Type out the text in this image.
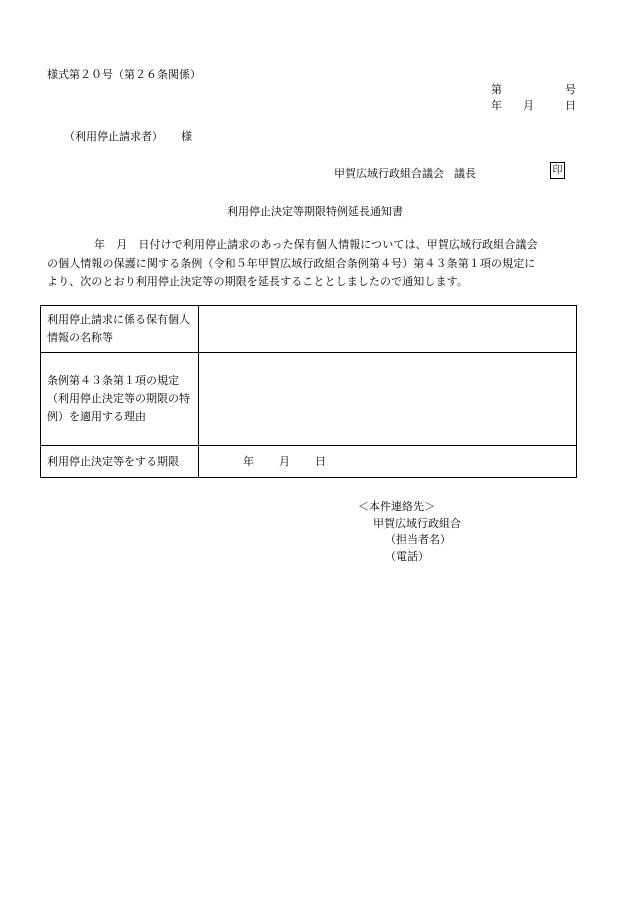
様式第２０号（第２６条関係）
第	号
年 月	日
（利用停止請求者） 様
甲賀広域行政組合議会 議長	印
利用停止決定等期限特例延長通知書
年　月　日付けで利用停止請求のあった保有個人情報については、甲賀広域行政組合議会
の個人情報の保護に関する条例（令和５年甲賀広域行政組合条例第４号）第４３条第１項の規定に
より、次のとおり利用停止決定等の期限を延長することとしましたので通知します。
利用停止請求に係る保有個人情報の名称等	
条例第４３条第１項の規定（利用停止決定等の期限の特例）を適用する理由	
利用停止決定等をする期限	年 月 日
＜本件連絡先＞
甲賀広域行政組合
（担当者名）
（電話）
